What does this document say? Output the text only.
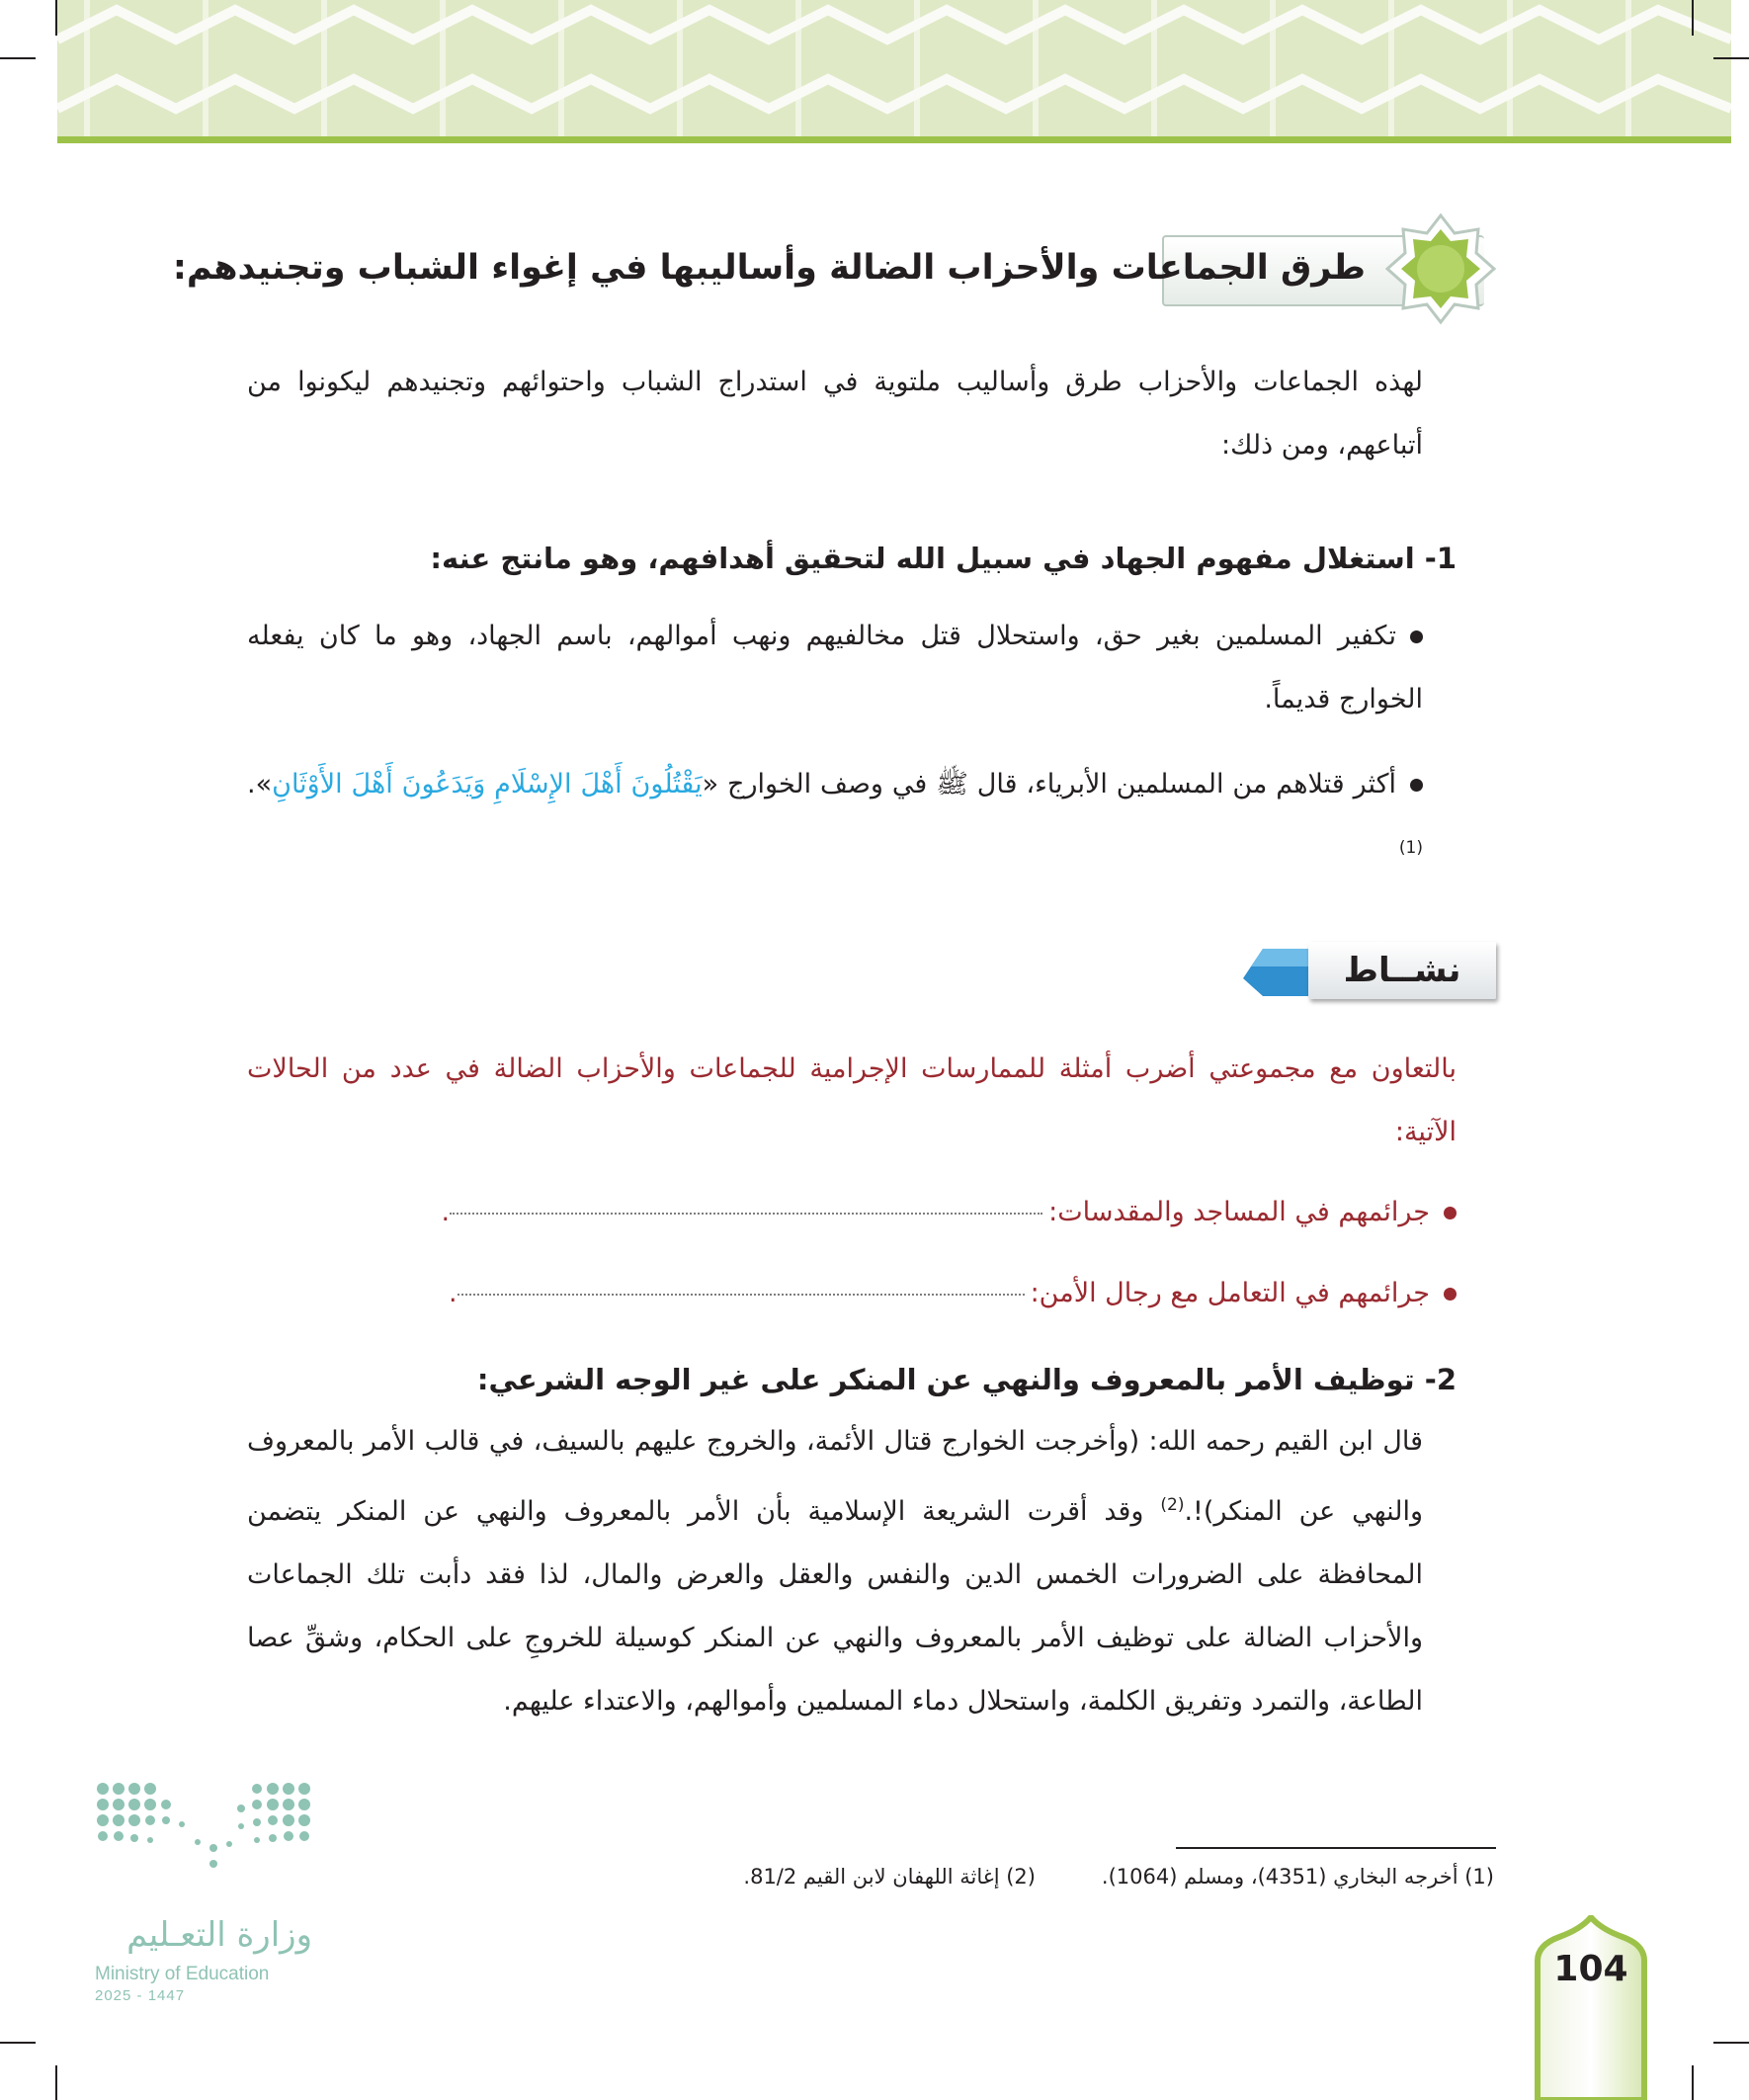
طرق الجماعات والأحزاب الضالة وأساليبها في إغواء الشباب وتجنيدهم:
لهذه الجماعات والأحزاب طرق وأساليب ملتوية في استدراج الشباب واحتوائهم وتجنيدهم ليكونوا من أتباعهم، ومن ذلك:
1- استغلال مفهوم الجهاد في سبيل الله لتحقيق أهدافهم، وهو مانتج عنه:
تكفير المسلمين بغير حق، واستحلال قتل مخالفيهم ونهب أموالهم، باسم الجهاد، وهو ما كان يفعله الخوارج قديماً.
أكثر قتلاهم من المسلمين الأبرياء، قال ﷺ في وصف الخوارج «يَقْتُلُونَ أَهْلَ الإِسْلَامِ وَيَدَعُونَ أَهْلَ الأَوْثَانِ».$^{(1)}$
نشــاط
بالتعاون مع مجموعتي أضرب أمثلة للممارسات الإجرامية للجماعات والأحزاب الضالة في عدد من الحالات الآتية:
جرائمهم في المساجد والمقدسات:.
جرائمهم في التعامل مع رجال الأمن:.
2- توظيف الأمر بالمعروف والنهي عن المنكر على غير الوجه الشرعي:
قال ابن القيم رحمه الله: (وأخرجت الخوارج قتال الأئمة، والخروج عليهم بالسيف، في قالب الأمر بالمعروف والنهي عن المنكر)!.$^{(2)}$ وقد أقرت الشريعة الإسلامية بأن الأمر بالمعروف والنهي عن المنكر يتضمن المحافظة على الضرورات الخمس الدين والنفس والعقل والعرض والمال، لذا فقد دأبت تلك الجماعات والأحزاب الضالة على توظيف الأمر بالمعروف والنهي عن المنكر كوسيلة للخروجِ على الحكام، وشقِّ عصا الطاعة، والتمرد وتفريق الكلمة، واستحلال دماء المسلمين وأموالهم، والاعتداء عليهم.
(1) أخرجه البخاري (4351)، ومسلم (1064).
(2) إغاثة اللهفان لابن القيم 81/2.
104
وزارة التعـليم
Ministry of Education
2025 - 1447
